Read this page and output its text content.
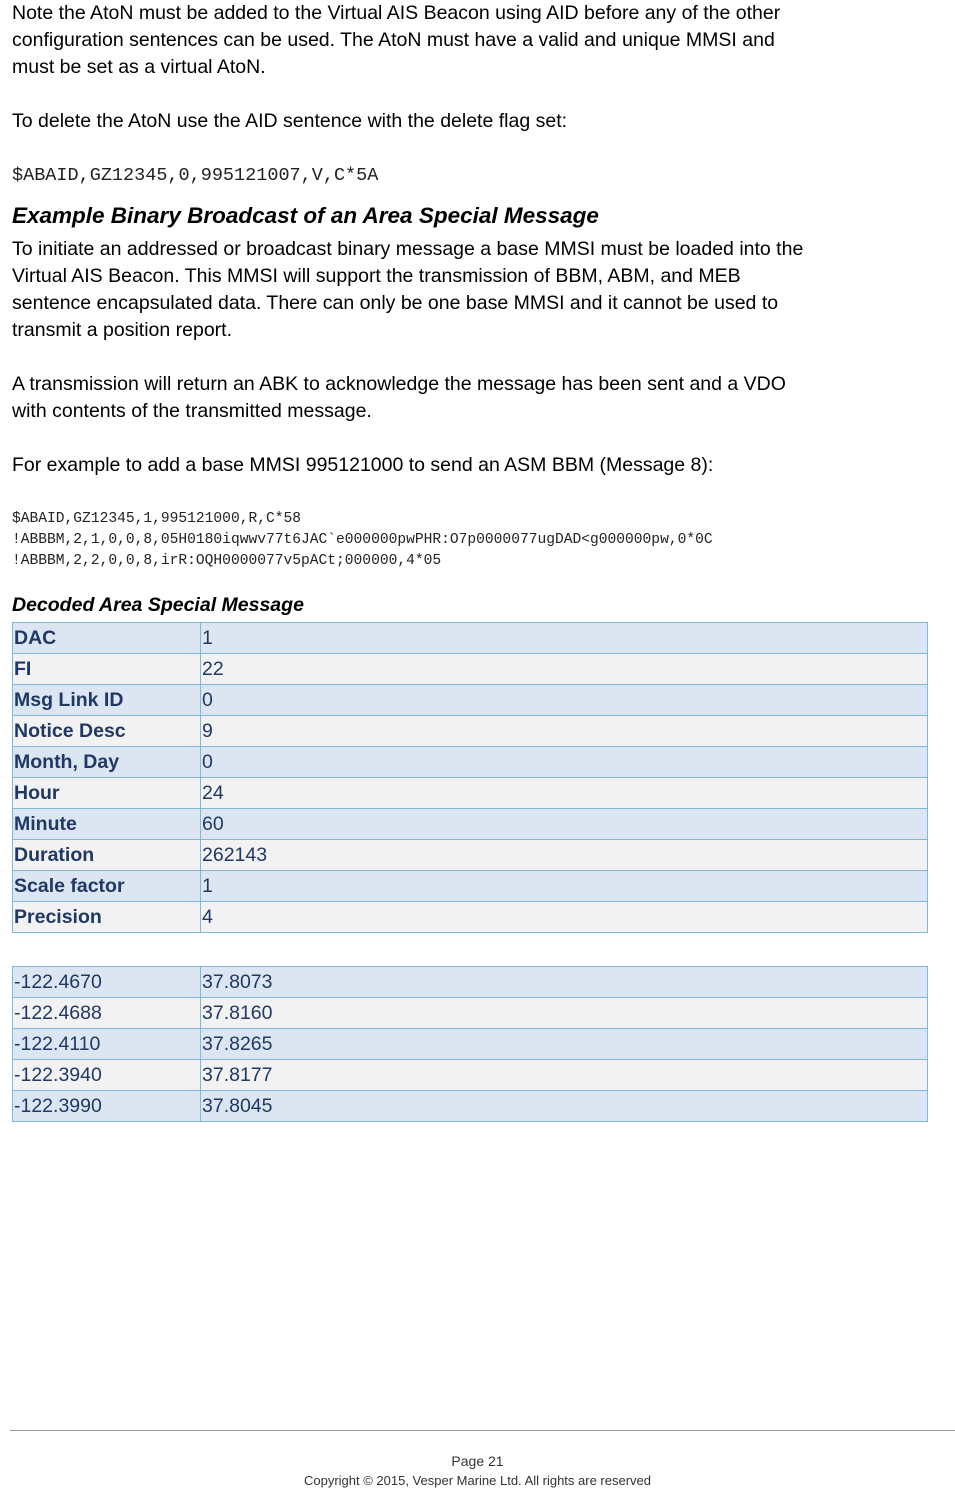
Note the AtoN must be added to the Virtual AIS Beacon using AID before any of the other

configuration sentences can be used. The AtoN must have a valid and unique MMSI and

must be set as a virtual AtoN.

To delete the AtoN use the AID sentence with the delete flag set:

$ABAID,GZ12345,0,995121007,V,C*5A

Example Binary Broadcast of an Area Special Message

To initiate an addressed or broadcast binary message a base MMSI must be loaded into the

Virtual AIS Beacon. This MMSI will support the transmission of BBM, ABM, and MEB

sentence encapsulated data. There can only be one base MMSI and it cannot be used to

transmit a position report.

A transmission will return an ABK to acknowledge the message has been sent and a VDO

with contents of the transmitted message.

For example to add a base MMSI 995121000 to send an ASM BBM (Message 8):

$ABAID,GZ12345,1,995121000,R,C*58
!ABBBM,2,1,0,0,8,05H0180iqwwv77t6JAC`e000000pwPHR:O7p0000077ugDAD<g000000pw,0*0C
!ABBBM,2,2,0,0,8,irR:OQH0000077v5pACt;000000,4*05
Decoded Area Special Message
DAC	1
FI	22
Msg Link ID	0
Notice Desc	9
Month, Day	0
Hour	24
Minute	60
Duration	262143
Scale factor	1
Precision	4
-122.4670	37.8073
-122.4688	37.8160
-122.4110	37.8265
-122.3940	37.8177
-122.3990	37.8045
Page 21
Copyright © 2015, Vesper Marine Ltd. All rights are reserved
